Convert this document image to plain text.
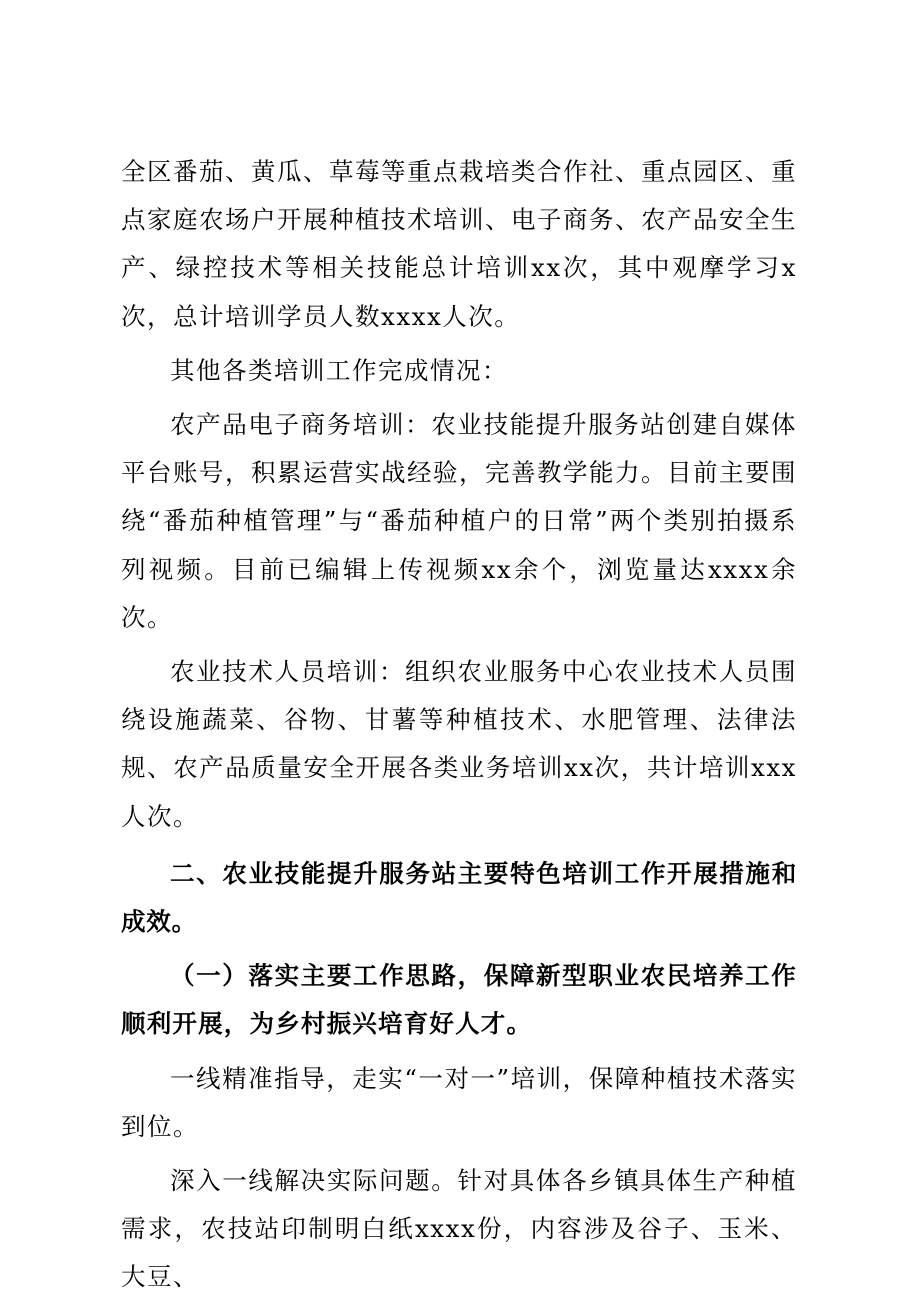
全区番茄、黄瓜、草莓等重点栽培类合作社、重点园区、重点家庭农场户开展种植技术培训、电子商务、农产品安全生产、绿控技术等相关技能总计培训xx次，其中观摩学习x次，总计培训学员人数xxxx人次。

其他各类培训工作完成情况：

农产品电子商务培训：农业技能提升服务站创建自媒体平台账号，积累运营实战经验，完善教学能力。目前主要围绕“番茄种植管理”与“番茄种植户的日常”两个类别拍摄系列视频。目前已编辑上传视频xx余个，浏览量达xxxx余次。

农业技术人员培训：组织农业服务中心农业技术人员围绕设施蔬菜、谷物、甘薯等种植技术、水肥管理、法律法规、农产品质量安全开展各类业务培训xx次，共计培训xxx人次。

二、农业技能提升服务站主要特色培训工作开展措施和成效。

（一）落实主要工作思路，保障新型职业农民培养工作顺利开展，为乡村振兴培育好人才。

一线精准指导，走实“一对一”培训，保障种植技术落实到位。

深入一线解决实际问题。针对具体各乡镇具体生产种植需求，农技站印制明白纸xxxx份，内容涉及谷子、玉米、大豆、
